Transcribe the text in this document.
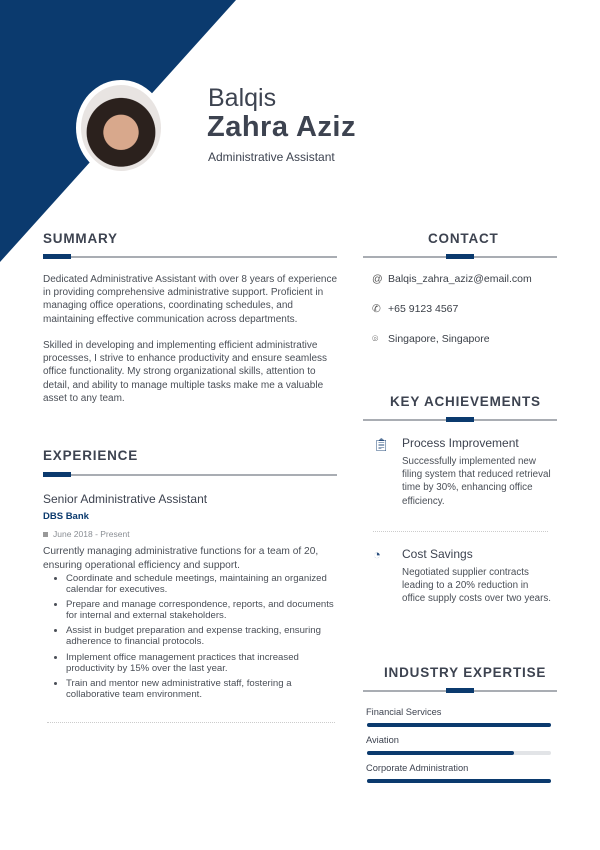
Balqis
Zahra Aziz
Administrative Assistant
SUMMARY
Dedicated Administrative Assistant with over 8 years of experience in providing comprehensive administrative support. Proficient in managing office operations, coordinating schedules, and maintaining effective communication across departments.
Skilled in developing and implementing efficient administrative processes, I strive to enhance productivity and ensure seamless office functionality. My strong organizational skills, attention to detail, and ability to manage multiple tasks make me a valuable asset to any team.
CONTACT
@ Balqis_zahra_aziz@email.com
✆ +65 9123 4567
⌾ Singapore, Singapore
KEY ACHIEVEMENTS
📋︎ Process Improvement
Successfully implemented new filing system that reduced retrieval time by 30%, enhancing office efficiency.
◔ Cost Savings
Negotiated supplier contracts leading to a 20% reduction in office supply costs over two years.
EXPERIENCE
Senior Administrative Assistant
DBS Bank
June 2018 - Present
Currently managing administrative functions for a team of 20, ensuring operational efficiency and support.
• Coordinate and schedule meetings, maintaining an organized calendar for executives.
• Prepare and manage correspondence, reports, and documents for internal and external stakeholders.
• Assist in budget preparation and expense tracking, ensuring adherence to financial protocols.
• Implement office management practices that increased productivity by 15% over the last year.
• Train and mentor new administrative staff, fostering a collaborative team environment.
INDUSTRY EXPERTISE
Financial Services
Aviation
Corporate Administration
